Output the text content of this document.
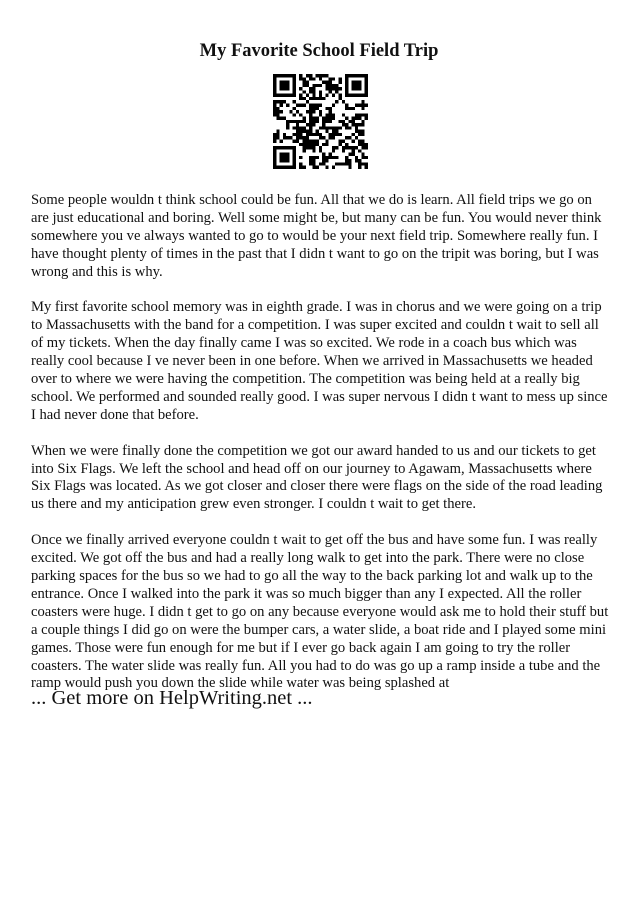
My Favorite School Field Trip

Some people wouldn t think school could be fun. All that we do is learn. All field trips we go on are just educational and boring. Well some might be, but many can be fun. You would never think somewhere you ve always wanted to go to would be your next field trip. Somewhere really fun. I have thought plenty of times in the past that I didn t want to go on the tripit was boring, but I was wrong and this is why.

My first favorite school memory was in eighth grade. I was in chorus and we were going on a trip to Massachusetts with the band for a competition. I was super excited and couldn t wait to sell all of my tickets. When the day finally came I was so excited. We rode in a coach bus which was really cool because I ve never been in one before. When we arrived in Massachusetts we headed over to where we were having the competition. The competition was being held at a really big school. We performed and sounded really good. I was super nervous I didn t want to mess up since I had never done that before.

When we were finally done the competition we got our award handed to us and our tickets to get into Six Flags. We left the school and head off on our journey to Agawam, Massachusetts where Six Flags was located. As we got closer and closer there were flags on the side of the road leading us there and my anticipation grew even stronger. I couldn t wait to get there.

Once we finally arrived everyone couldn t wait to get off the bus and have some fun. I was really excited. We got off the bus and had a really long walk to get into the park. There were no close parking spaces for the bus so we had to go all the way to the back parking lot and walk up to the entrance. Once I walked into the park it was so much bigger than any I expected. All the roller coasters were huge. I didn t get to go on any because everyone would ask me to hold their stuff but a couple things I did go on were the bumper cars, a water slide, a boat ride and I played some mini games. Those were fun enough for me but if I ever go back again I am going to try the roller coasters. The water slide was really fun. All you had to do was go up a ramp inside a tube and the ramp would push you down the slide while water was being splashed at

... Get more on HelpWriting.net ...
